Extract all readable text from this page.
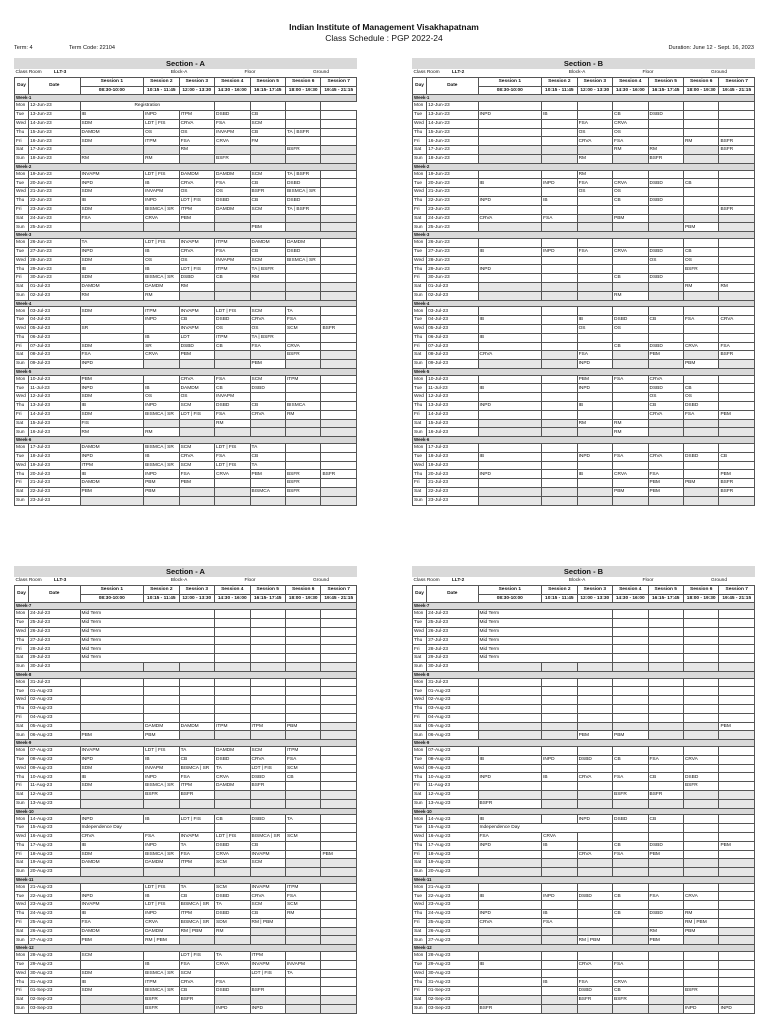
Indian Institute of Management Visakhapatnam
Class Schedule : PGP 2022-24
Term: 4	Term Code: 22104	Duration: June 12 - Sept. 16, 2023
Section - A
Class Room		LLT-3			Block-A		Floor		Ground	
Day	Date		Session 1		Session 2	Session 3	Session 4	Session 5	Session 6	Session 7
			08:30-10:00		10:15 - 11:45	12:00 - 13:30	14:30 - 16:00	16:15- 17:45	18:00 - 19:30	19:45 - 21:15
Week-1										
Mon	12-Jun-23		Registration							
Tue	13-Jun-23		IB		INPD	ITPM	DSBD	CB		
Wed	14-Jun-23		SDM		LDT | FIS	CRVA	FSA	SCM		
Thu	15-Jun-23		DAMDM		OS	OS	INVAPM	CB	TA | BSFR	
Fri	16-Jun-23		SDM		ITPM	FSA	CRVA	FM		
Sat	17-Jun-23					RM			BSFR	
Sun	18-Jun-23		RM		RM		BSFR			
Week-2										
Mon	19-Jun-23		INVAPM		LDT | FIS	DAMDM	DAMDM	SCM	TA | BSFR	
Tue	20-Jun-23		INPD		IB	CRVA	FSA	CB	DSBD	
Wed	21-Jun-23		SDM		INVAPM	OS	OS	BSFR	BISMCA | SR	
Thu	22-Jun-23		IB		INPD	LDT | FIS	DSBD	CB	DSBD	
Fri	23-Jun-23		SDM		BISMCA | SR	ITPM	DAMDM	SCM	TA | BSFR	
Sat	24-Jun-23		FSA		CRVA	PBM				
Sun	25-Jun-23							PBM		
Week-3										
Mon	26-Jun-23		TA		LDT | FIS	INVAPM	ITPM	DAMDM	DAMDM	
Tue	27-Jun-23		INPD		IB	CRVA	FSA	CB	DSBD	
Wed	28-Jun-23		SDM		OS	OS	INVAPM	SCM	BISMCA | SR	
Thu	29-Jun-23		IB		IB	LDT | FIS	ITPM	TA | BSFR		
Fri	30-Jun-23		SDM		BISMCA | SR	DSBD	CB	RM		
Sat	01-Jul-23		DAMDM		DAMDM	RM				
Sun	02-Jul-23		RM		RM					
Week-4										
Mon	03-Jul-23		SDM		ITPM	INVAPM	LDT | FIS	SCM	TA	
Tue	04-Jul-23				INPD	CB	DSBD	CRVA	FSA	
Wed	05-Jul-23		SR			INVAPM	OS	OS	SCM	BSFR
Thu	06-Jul-23				IB	LDT	ITPM	TA | BSFR		
Fri	07-Jul-23		SDM		SR	DSBD	CB	FSA	CRVA	
Sat	08-Jul-23		FSA		CRVA	PBM			BSFR	
Sun	09-Jul-23		INPD					PBM		
Week-5										
Mon	10-Jul-23		PBM			CRVA	FSA	SCM	ITPM	
Tue	11-Jul-23		INPD		IB	DAMDM	CB	DSBD		
Wed	12-Jul-23		SDM		OS	OS	INVAPM			
Thu	13-Jul-23		IB		INPD	SCM	DSBD	CB	BISMCA	
Fri	14-Jul-23		SDM		BISMCA | SR	LDT | FIS	FSA	CRVA	RM	
Sat	15-Jul-23		FIS				RM			
Sun	16-Jul-23		RM		RM					
Week-6										
Mon	17-Jul-23		DAMDM		BISMCA | SR	SCM	LDT | FIS	TA		
Tue	18-Jul-23		INPD		IB	CRVA	FSA	CB		
Wed	19-Jul-23		ITPM		BISMCA | SR	SCM	LDT | FIS	TA		
Thu	20-Jul-23		IB		INPD	FSA	CRVA	PBM	BSFR	BSFR
Fri	21-Jul-23		DAMDM		PBM	PBM			BSFR	
Sat	22-Jul-23		PBM		PBM			BISMCA	BSFR	
Sun	23-Jul-23									
Section - B
Class Room		LLT-2			Block-A		Floor		Ground	
Day	Date		Session 1		Session 2	Session 3	Session 4	Session 5	Session 6	Session 7
			08:30-10:00		10:15 - 11:45	12:00 - 13:30	14:30 - 16:00	16:15- 17:45	18:00 - 19:30	19:45 - 21:15
Week-1										
Mon	12-Jun-23									
Tue	13-Jun-23		INPD		IB		CB	DSBD		
Wed	14-Jun-23					FSA	CRVA			
Thu	15-Jun-23					OS	OS			
Fri	16-Jun-23					CRVA	FSA		RM	BSFR
Sat	17-Jun-23						RM	RM		BSFR
Sun	18-Jun-23					RM		BSFR		
Week-2										
Mon	19-Jun-23					RM				
Tue	20-Jun-23		IB		INPD	FSA	CRVA	DSBD	CB	
Wed	21-Jun-23					OS	OS			
Thu	22-Jun-23		INPD		IB		CB	DSBD		
Fri	23-Jun-23									BSFR
Sat	24-Jun-23		CRVA		FSA		PBM			
Sun	25-Jun-23								PBM	
Week-3										
Mon	26-Jun-23									
Tue	27-Jun-23		IB		INPD	FSA	CRVA	DSBD	CB	
Wed	28-Jun-23							OS	OS	
Thu	29-Jun-23		INPD						BSFR	
Fri	30-Jun-23						CB	DSBD		
Sat	01-Jul-23								RM	RM
Sun	02-Jul-23						RM			
Week-4										
Mon	03-Jul-23									
Tue	04-Jul-23		IB			IB	DSBD	CB	FSA	CRVA
Wed	05-Jul-23					OS	OS			
Thu	06-Jul-23		IB							
Fri	07-Jul-23						CB	DSBD	CRVA	FSA
Sat	08-Jul-23		CRVA			FSA		PBM		BSFR
Sun	09-Jul-23					INPD			PBM	
Week-5										
Mon	10-Jul-23					PBM	FSA	CRVA		
Tue	11-Jul-23		IB			INPD		DSBD	CB	
Wed	12-Jul-23							OS	OS	
Thu	13-Jul-23		INPD			IB		CB	DSBD	
Fri	14-Jul-23							CRVA	FSA	PBM
Sat	15-Jul-23					RM	RM			
Sun	16-Jul-23						RM			
Week-6										
Mon	17-Jul-23									
Tue	18-Jul-23		IB			INPD	FSA	CRVA	DSBD	CB
Wed	19-Jul-23									
Thu	20-Jul-23		INPD			IB	CRVA	FSA		PBM
Fri	21-Jul-23							PBM	PBM	BSFR
Sat	22-Jul-23						PBM	PBM		BSFR
Sun	23-Jul-23									
Section - A
Class Room		LLT-3			Block-A		Floor		Ground	
Day	Date		Session 1		Session 2	Session 3	Session 4	Session 5	Session 6	Session 7
			08:30-10:00		10:15 - 11:45	12:00 - 13:30	14:30 - 16:00	16:15- 17:45	18:00 - 19:30	19:45 - 21:15
Week-7										
Mon	24-Jul-23		Mid Term							
Tue	25-Jul-23		Mid Term							
Wed	26-Jul-23		Mid Term							
Thu	27-Jul-23		Mid Term							
Fri	28-Jul-23		Mid Term							
Sat	29-Jul-23		Mid Term							
Sun	30-Jul-23									
Week-8										
Mon	31-Jul-23									
Tue	01-Aug-23									
Wed	02-Aug-23									
Thu	03-Aug-23									
Fri	04-Aug-23									
Sat	05-Aug-23				DAMDM	DAMDM	ITPM	ITPM	PBM	
Sun	06-Aug-23		PBM		PBM					
Week-9										
Mon	07-Aug-23		INVAPM		LDT | FIS	TA	DAMDM	SCM	ITPM	
Tue	08-Aug-23		INPD		IB	CB	DSBD	CRVA	FSA	
Wed	09-Aug-23		SDM		INVAPM	BISMCA | SR	TA	LDT | FIS	SCM	
Thu	10-Aug-23		IB		INPD	FSA	CRVA	DSBD	CB	
Fri	11-Aug-23		SDM		BISMCA | SR	ITPM	DAMDM	BSFR		
Sat	12-Aug-23				BSFR	BSFR				
Sun	13-Aug-23									
Week-10										
Mon	14-Aug-23		INPD		IB	LDT | FIS	CB	DSBD	TA	
Tue	15-Aug-23		Independence Day							
Wed	16-Aug-23		CRVA		FSA	INVAPM	LDT | FIS	BISMCA | SR	SCM	
Thu	17-Aug-23		IB		INPD	TA	DSBD	CB		
Fri	18-Aug-23		SDM		BISMCA | SR	FSA	CRVA	INVAPM		PBM
Sat	19-Aug-23		DAMDM		DAMDM	ITPM	SCM	SCM		
Sun	20-Aug-23									
Week-11										
Mon	21-Aug-23				LDT | FIS	TA	SCM	INVAPM	ITPM	
Tue	22-Aug-23		INPD		IB	CB	DSBD	CRVA	FSA	
Wed	23-Aug-23		INVAPM		LDT | FIS	BISMCA | SR	TA	SCM	SCM	
Thu	24-Aug-23		IB		INPD	ITPM	DSBD	CB	RM	
Fri	25-Aug-23		FSA		CRVA	BISMCA | SR	SDM	RM | PBM		
Sat	26-Aug-23		DAMDM		DAMDM	RM | PBM	RM			
Sun	27-Aug-23		PBM		RM | PBM					
Week-12										
Mon	28-Aug-23		SCM			LDT | FIS	TA	ITPM		
Tue	29-Aug-23				IB	FSA	CRVA	INVAPM	INVAPM	
Wed	30-Aug-23		SDM		BISMCA | SR	SCM		LDT | FIS	TA	
Thu	31-Aug-23		IB		ITPM	CRVA	FSA			
Fri	01-Sep-23		SDM		BISMCA | SR	CB	DSBD	BSFR		
Sat	02-Sep-23				BSFR	BSFR				
Sun	03-Sep-23				BSFR		INPD	INPD		
Section - B
Class Room		LLT-2			Block-A		Floor		Ground	
Day	Date		Session 1		Session 2	Session 3	Session 4	Session 5	Session 6	Session 7
			08:30-10:00		10:15 - 11:45	12:00 - 13:30	14:30 - 16:00	16:15- 17:45	18:00 - 19:30	19:45 - 21:15
Week-7										
Mon	24-Jul-23		Mid Term							
Tue	25-Jul-23		Mid Term							
Wed	26-Jul-23		Mid Term							
Thu	27-Jul-23		Mid Term							
Fri	28-Jul-23		Mid Term							
Sat	29-Jul-23		Mid Term							
Sun	30-Jul-23									
Week-8										
Mon	31-Jul-23									
Tue	01-Aug-23									
Wed	02-Aug-23									
Thu	03-Aug-23									
Fri	04-Aug-23									
Sat	05-Aug-23									PBM
Sun	06-Aug-23					PBM	PBM			
Week-9										
Mon	07-Aug-23									
Tue	08-Aug-23		IB		INPD	DSBD	CB	FSA	CRVA	
Wed	09-Aug-23									
Thu	10-Aug-23		INPD		IB	CRVA	FSA	CB	DSBD	
Fri	11-Aug-23								BSFR	
Sat	12-Aug-23						BSFR	BSFR		
Sun	13-Aug-23		BSFR							
Week-10										
Mon	14-Aug-23		IB			INPD	DSBD	CB		
Tue	15-Aug-23		Independence Day							
Wed	16-Aug-23		FSA		CRVA					
Thu	17-Aug-23		INPD		IB		CB	DSBD		PBM
Fri	18-Aug-23					CRVA	FSA	PBM		
Sat	19-Aug-23									
Sun	20-Aug-23									
Week-11										
Mon	21-Aug-23									
Tue	22-Aug-23		IB		INPD	DSBD	CB	FSA	CRVA	
Wed	23-Aug-23									
Thu	24-Aug-23		INPD		IB		CB	DSBD	RM	
Fri	25-Aug-23		CRVA		FSA				RM | PBM	
Sat	26-Aug-23							RM	PBM	
Sun	27-Aug-23					RM | PBM		PBM		
Week-12										
Mon	28-Aug-23									
Tue	29-Aug-23		IB			CRVA	FSA			
Wed	30-Aug-23									
Thu	31-Aug-23				IB	FSA	CRVA			
Fri	01-Sep-23					DSBD	CB		BSFR	
Sat	02-Sep-23					BSFR	BSFR			
Sun	03-Sep-23		BSFR						INPD	INPD
